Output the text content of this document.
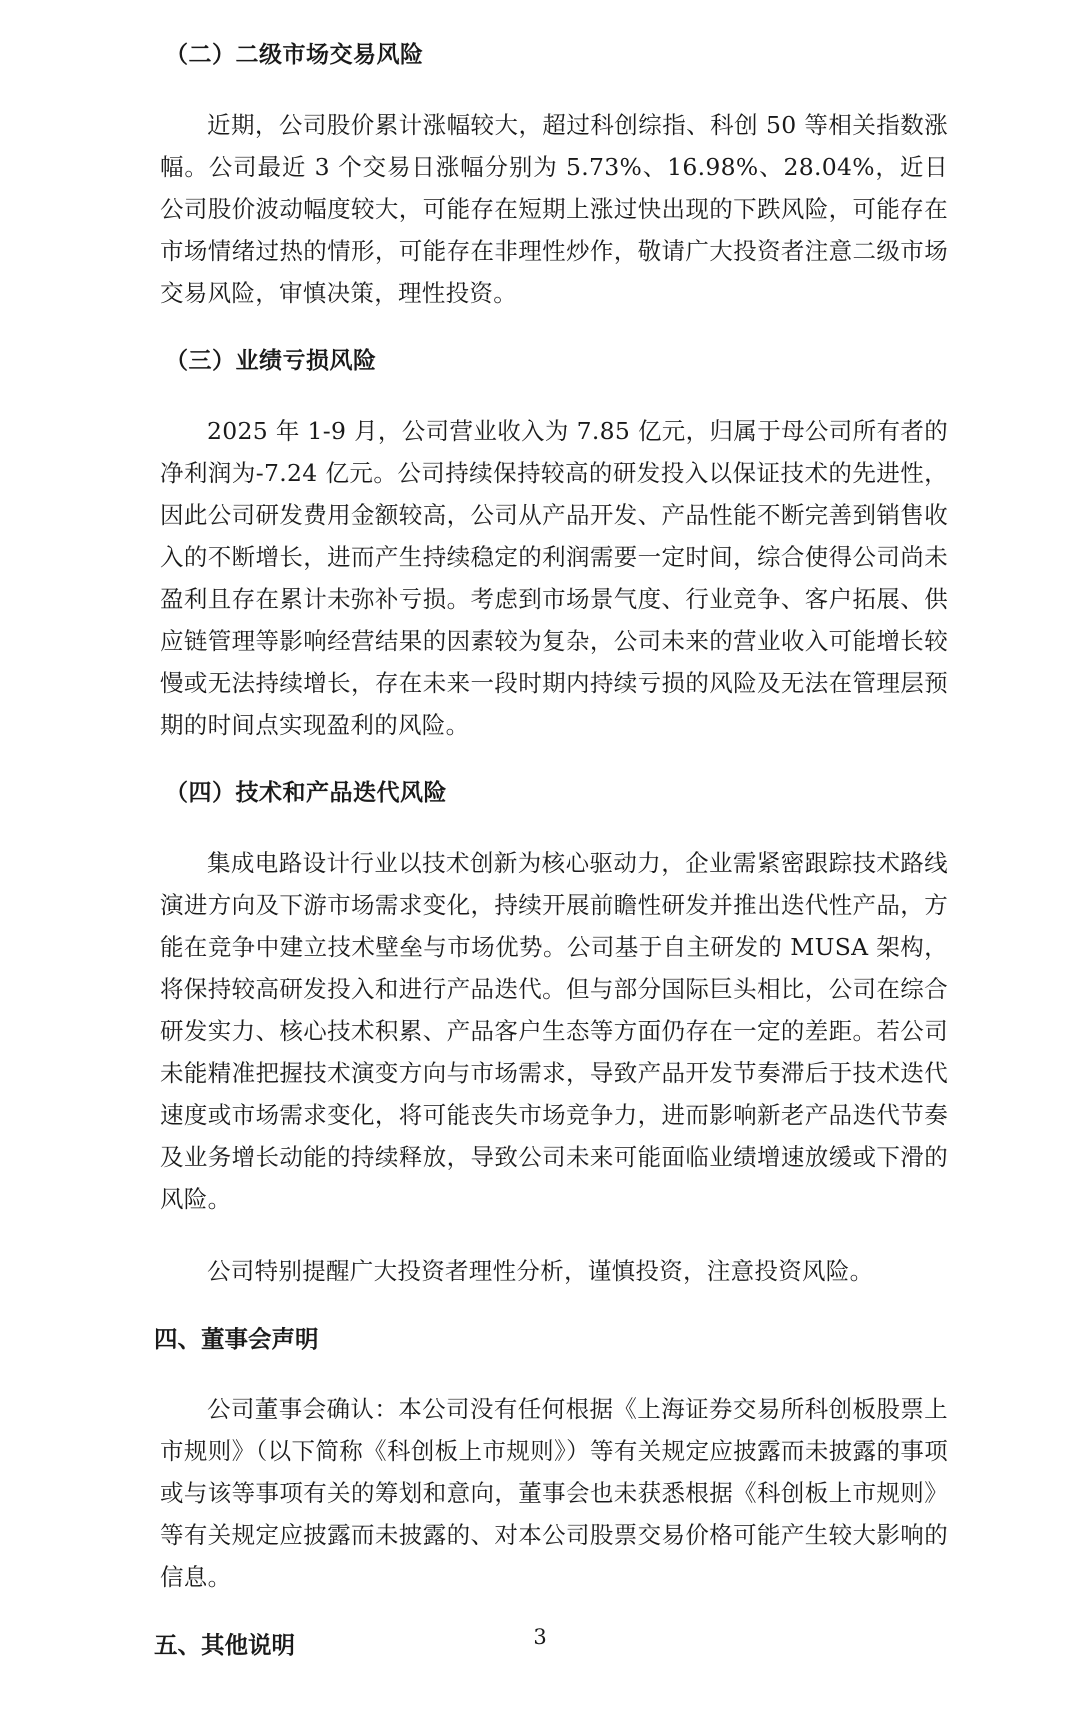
（二）二级市场交易风险

近期，公司股价累计涨幅较大，超过科创综指、科创 50 等相关指数涨幅。公司最近 3 个交易日涨幅分别为 5.73%、16.98%、28.04%，近日公司股价波动幅度较大，可能存在短期上涨过快出现的下跌风险，可能存在市场情绪过热的情形，可能存在非理性炒作，敬请广大投资者注意二级市场交易风险，审慎决策，理性投资。

（三）业绩亏损风险

2025 年 1-9 月，公司营业收入为 7.85 亿元，归属于母公司所有者的净利润为-7.24 亿元。公司持续保持较高的研发投入以保证技术的先进性，因此公司研发费用金额较高，公司从产品开发、产品性能不断完善到销售收入的不断增长，进而产生持续稳定的利润需要一定时间，综合使得公司尚未盈利且存在累计未弥补亏损。考虑到市场景气度、行业竞争、客户拓展、供应链管理等影响经营结果的因素较为复杂，公司未来的营业收入可能增长较慢或无法持续增长，存在未来一段时期内持续亏损的风险及无法在管理层预期的时间点实现盈利的风险。

（四）技术和产品迭代风险

集成电路设计行业以技术创新为核心驱动力，企业需紧密跟踪技术路线演进方向及下游市场需求变化，持续开展前瞻性研发并推出迭代性产品，方能在竞争中建立技术壁垒与市场优势。公司基于自主研发的 MUSA 架构，将保持较高研发投入和进行产品迭代。但与部分国际巨头相比，公司在综合研发实力、核心技术积累、产品客户生态等方面仍存在一定的差距。若公司未能精准把握技术演变方向与市场需求，导致产品开发节奏滞后于技术迭代速度或市场需求变化，将可能丧失市场竞争力，进而影响新老产品迭代节奏及业务增长动能的持续释放，导致公司未来可能面临业绩增速放缓或下滑的风险。

公司特别提醒广大投资者理性分析，谨慎投资，注意投资风险。

四、董事会声明

公司董事会确认：本公司没有任何根据《上海证券交易所科创板股票上市规则》（以下简称《科创板上市规则》）等有关规定应披露而未披露的事项或与该等事项有关的筹划和意向，董事会也未获悉根据《科创板上市规则》等有关规定应披露而未披露的、对本公司股票交易价格可能产生较大影响的信息。

五、其他说明	3
